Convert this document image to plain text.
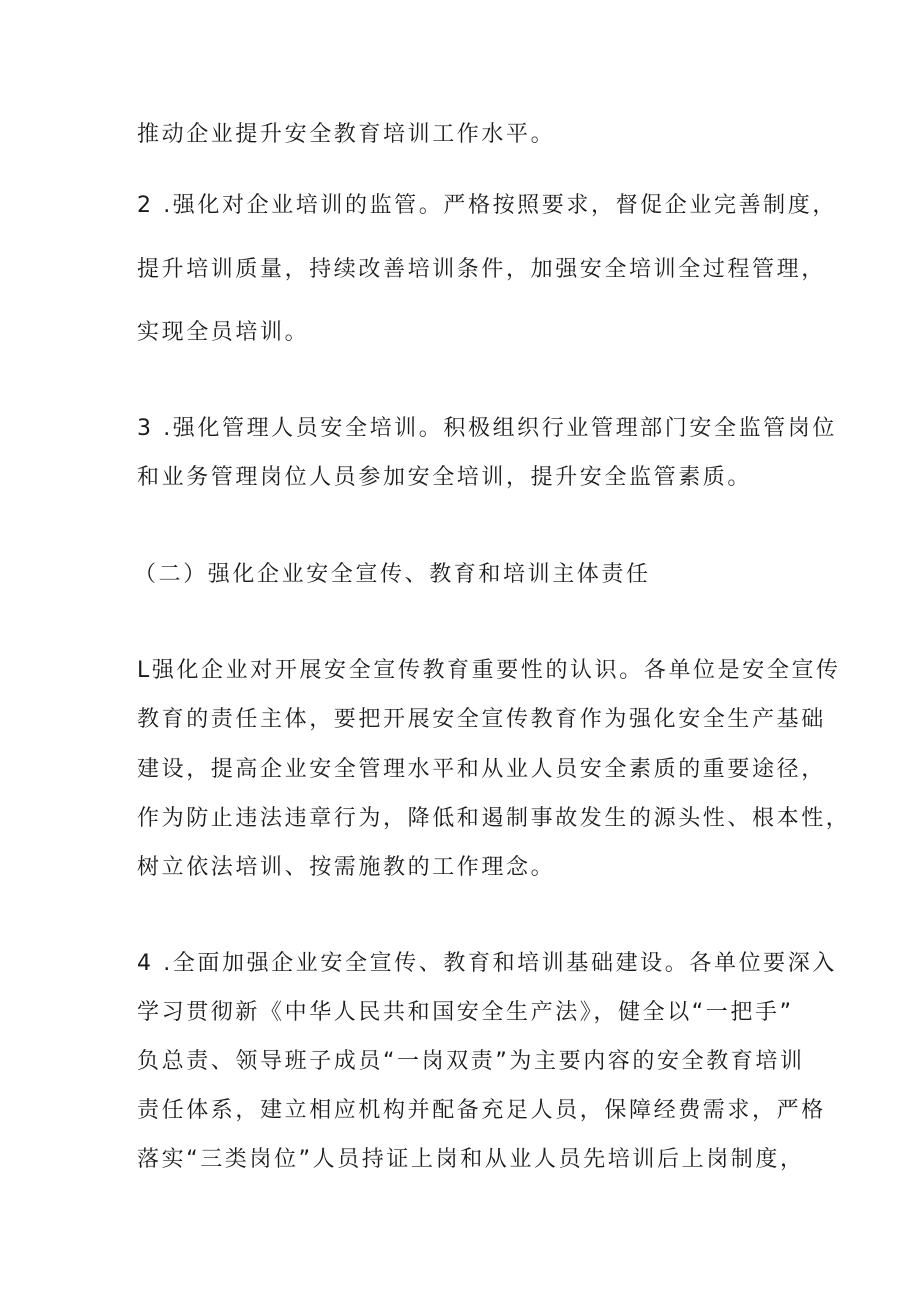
推动企业提升安全教育培训工作水平。
2 .强化对企业培训的监管。严格按照要求，督促企业完善制度，
提升培训质量，持续改善培训条件，加强安全培训全过程管理，
实现全员培训。
3 .强化管理人员安全培训。积极组织行业管理部门安全监管岗位
和业务管理岗位人员参加安全培训，提升安全监管素质。
（二）强化企业安全宣传、教育和培训主体责任
L强化企业对开展安全宣传教育重要性的认识。各单位是安全宣传
教育的责任主体，要把开展安全宣传教育作为强化安全生产基础
建设，提高企业安全管理水平和从业人员安全素质的重要途径，
作为防止违法违章行为，降低和遏制事故发生的源头性、根本性，
树立依法培训、按需施教的工作理念。
4 .全面加强企业安全宣传、教育和培训基础建设。各单位要深入
学习贯彻新《中华人民共和国安全生产法》，健全以“一把手”
负总责、领导班子成员“一岗双责”为主要内容的安全教育培训
责任体系，建立相应机构并配备充足人员，保障经费需求，严格
落实“三类岗位”人员持证上岗和从业人员先培训后上岗制度，
